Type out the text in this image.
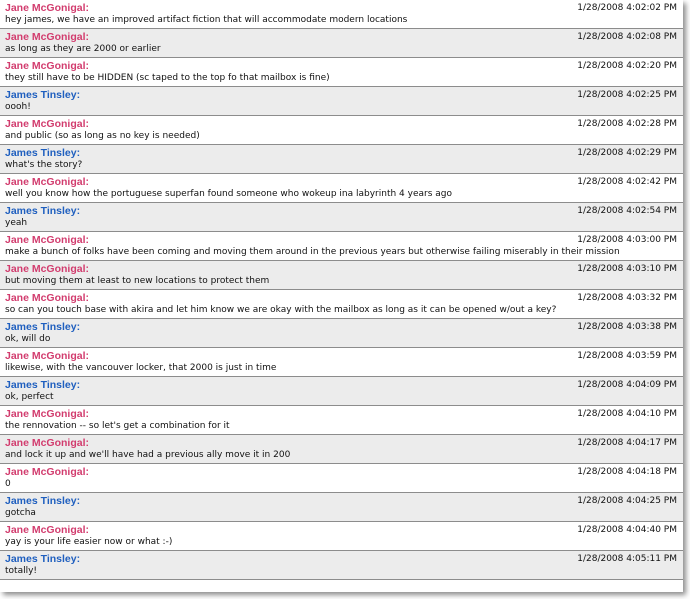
Jane McGonigal:
hey james, we have an improved artifact fiction that will accommodate modern locations
1/28/2008 4:02:02 PM
Jane McGonigal:
as long as they are 2000 or earlier
1/28/2008 4:02:08 PM
Jane McGonigal:
they still have to be HIDDEN (sc taped to the top fo that mailbox is fine)
1/28/2008 4:02:20 PM
James Tinsley:
oooh!
1/28/2008 4:02:25 PM
Jane McGonigal:
and public (so as long as no key is needed)
1/28/2008 4:02:28 PM
James Tinsley:
what's the story?
1/28/2008 4:02:29 PM
Jane McGonigal:
well you know how the portuguese superfan found someone who wokeup ina labyrinth 4 years ago
1/28/2008 4:02:42 PM
James Tinsley:
yeah
1/28/2008 4:02:54 PM
Jane McGonigal:
make a bunch of folks have been coming and moving them around in the previous years but otherwise failing miserably in their mission
1/28/2008 4:03:00 PM
Jane McGonigal:
but moving them at least to new locations to protect them
1/28/2008 4:03:10 PM
Jane McGonigal:
so can you touch base with akira and let him know we are okay with the mailbox as long as it can be opened w/out a key?
1/28/2008 4:03:32 PM
James Tinsley:
ok, will do
1/28/2008 4:03:38 PM
Jane McGonigal:
likewise, with the vancouver locker, that 2000 is just in time
1/28/2008 4:03:59 PM
James Tinsley:
ok, perfect
1/28/2008 4:04:09 PM
Jane McGonigal:
the rennovation -- so let's get a combination for it
1/28/2008 4:04:10 PM
Jane McGonigal:
and lock it up and we'll have had a previous ally move it in 200
1/28/2008 4:04:17 PM
Jane McGonigal:
0
1/28/2008 4:04:18 PM
James Tinsley:
gotcha
1/28/2008 4:04:25 PM
Jane McGonigal:
yay is your life easier now or what :-)
1/28/2008 4:04:40 PM
James Tinsley:
totally!
1/28/2008 4:05:11 PM
